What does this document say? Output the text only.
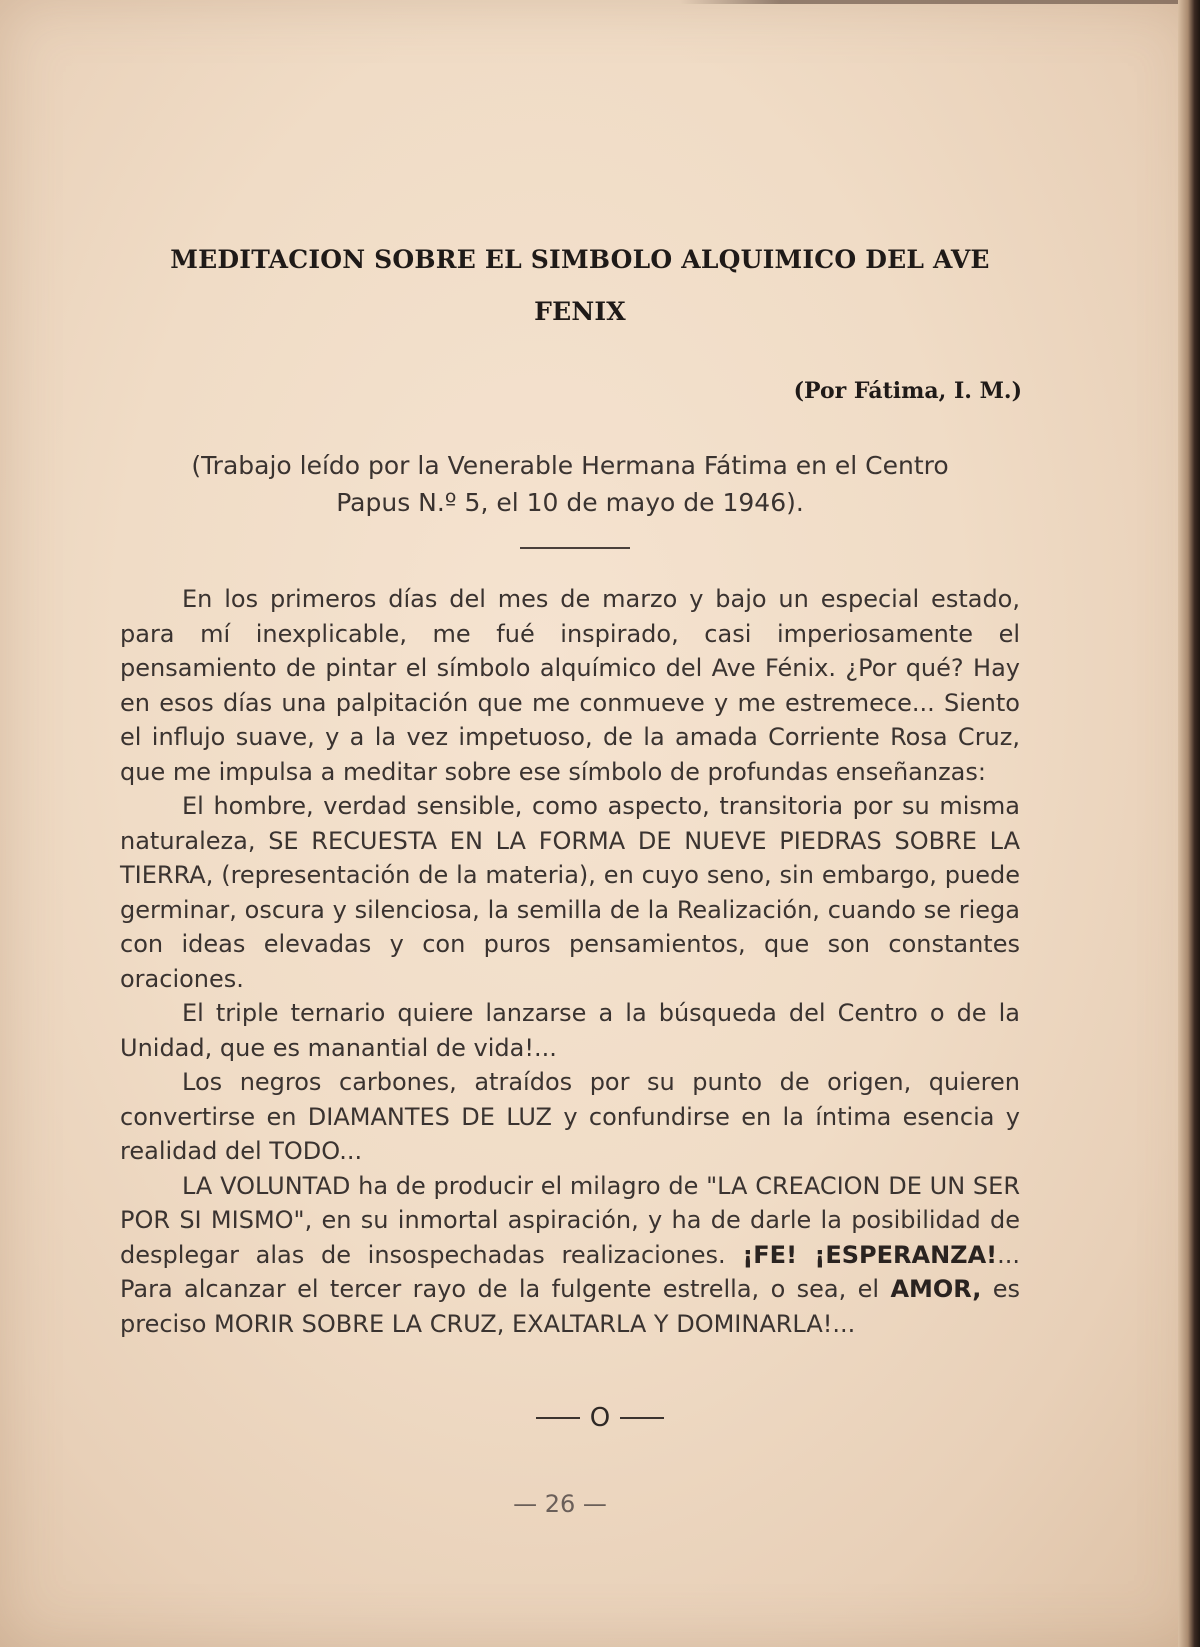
MEDITACION SOBRE EL SIMBOLO ALQUIMICO DEL AVE
FENIX
(Por Fátima, I. M.)
(Trabajo leído por la Venerable Hermana Fátima en el Centro
Papus N.º 5, el 10 de mayo de 1946).

En los primeros días del mes de marzo y bajo un especial estado, para mí inexplicable, me fué inspirado, casi imperiosamente el pensamiento de pintar el símbolo alquímico del Ave Fénix. ¿Por qué? Hay en esos días una palpitación que me conmueve y me estremece... Siento el influjo suave, y a la vez impetuoso, de la amada Corriente Rosa Cruz, que me impulsa a meditar sobre ese símbolo de profundas enseñanzas:

El hombre, verdad sensible, como aspecto, transitoria por su misma naturaleza, SE RECUESTA EN LA FORMA DE NUEVE PIEDRAS SOBRE LA TIERRA, (representación de la materia), en cuyo seno, sin embargo, puede germinar, oscura y silenciosa, la semilla de la Realización, cuando se riega con ideas elevadas y con puros pensamientos, que son constantes oraciones.

El triple ternario quiere lanzarse a la búsqueda del Centro o de la Unidad, que es manantial de vida!...

Los negros carbones, atraídos por su punto de origen, quieren convertirse en DIAMANTES DE LUZ y confundirse en la íntima esencia y realidad del TODO...

LA VOLUNTAD ha de producir el milagro de "LA CREACION DE UN SER POR SI MISMO", en su inmortal aspiración, y ha de darle la posibilidad de desplegar alas de insospechadas realizaciones. ¡FE! ¡ESPERANZA!... Para alcanzar el tercer rayo de la fulgente estrella, o sea, el AMOR, es preciso MORIR SOBRE LA CRUZ, EXALTARLA Y DOMINARLA!...

O
— 26 —
